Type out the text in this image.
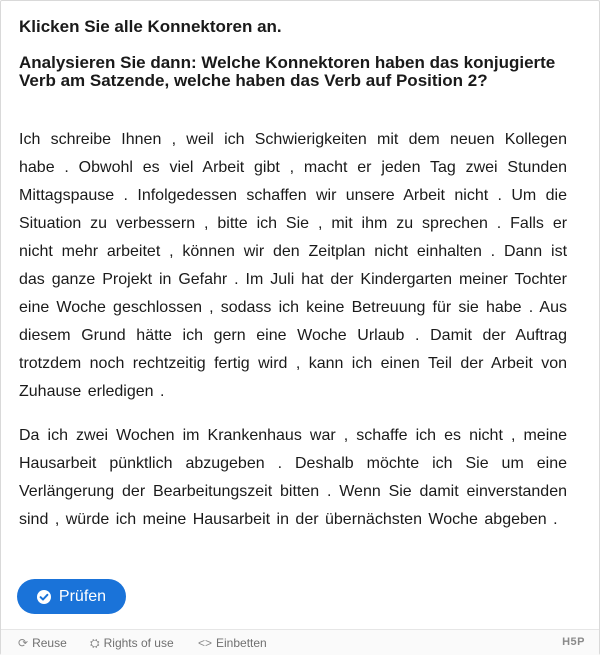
Klicken Sie alle Konnektoren an.
Analysieren Sie dann: Welche Konnektoren haben das konjugierte Verb am Satzende, welche haben das Verb auf Position 2?
Ich schreibe Ihnen , weil ich Schwierigkeiten mit dem neuen Kollegen habe . Obwohl es viel Arbeit gibt , macht er jeden Tag zwei Stunden Mittagspause . Infolgedessen schaffen wir unsere Arbeit nicht . Um die Situation zu verbessern , bitte ich Sie , mit ihm zu sprechen . Falls er nicht mehr arbeitet , können wir den Zeitplan nicht einhalten . Dann ist das ganze Projekt in Gefahr . Im Juli hat der Kindergarten meiner Tochter eine Woche geschlossen , sodass ich keine Betreuung für sie habe . Aus diesem Grund hätte ich gern eine Woche Urlaub . Damit der Auftrag trotzdem noch rechtzeitig fertig wird , kann ich einen Teil der Arbeit von Zuhause erledigen .
Da ich zwei Wochen im Krankenhaus war , schaffe ich es nicht , meine Hausarbeit pünktlich abzugeben . Deshalb möchte ich Sie um eine Verlängerung der Bearbeitungszeit bitten . Wenn Sie damit einverstanden sind , würde ich meine Hausarbeit in der übernächsten Woche abgeben .
Prüfen
⟳ Reuse ⛭ Rights of use <> Einbetten	H5P
